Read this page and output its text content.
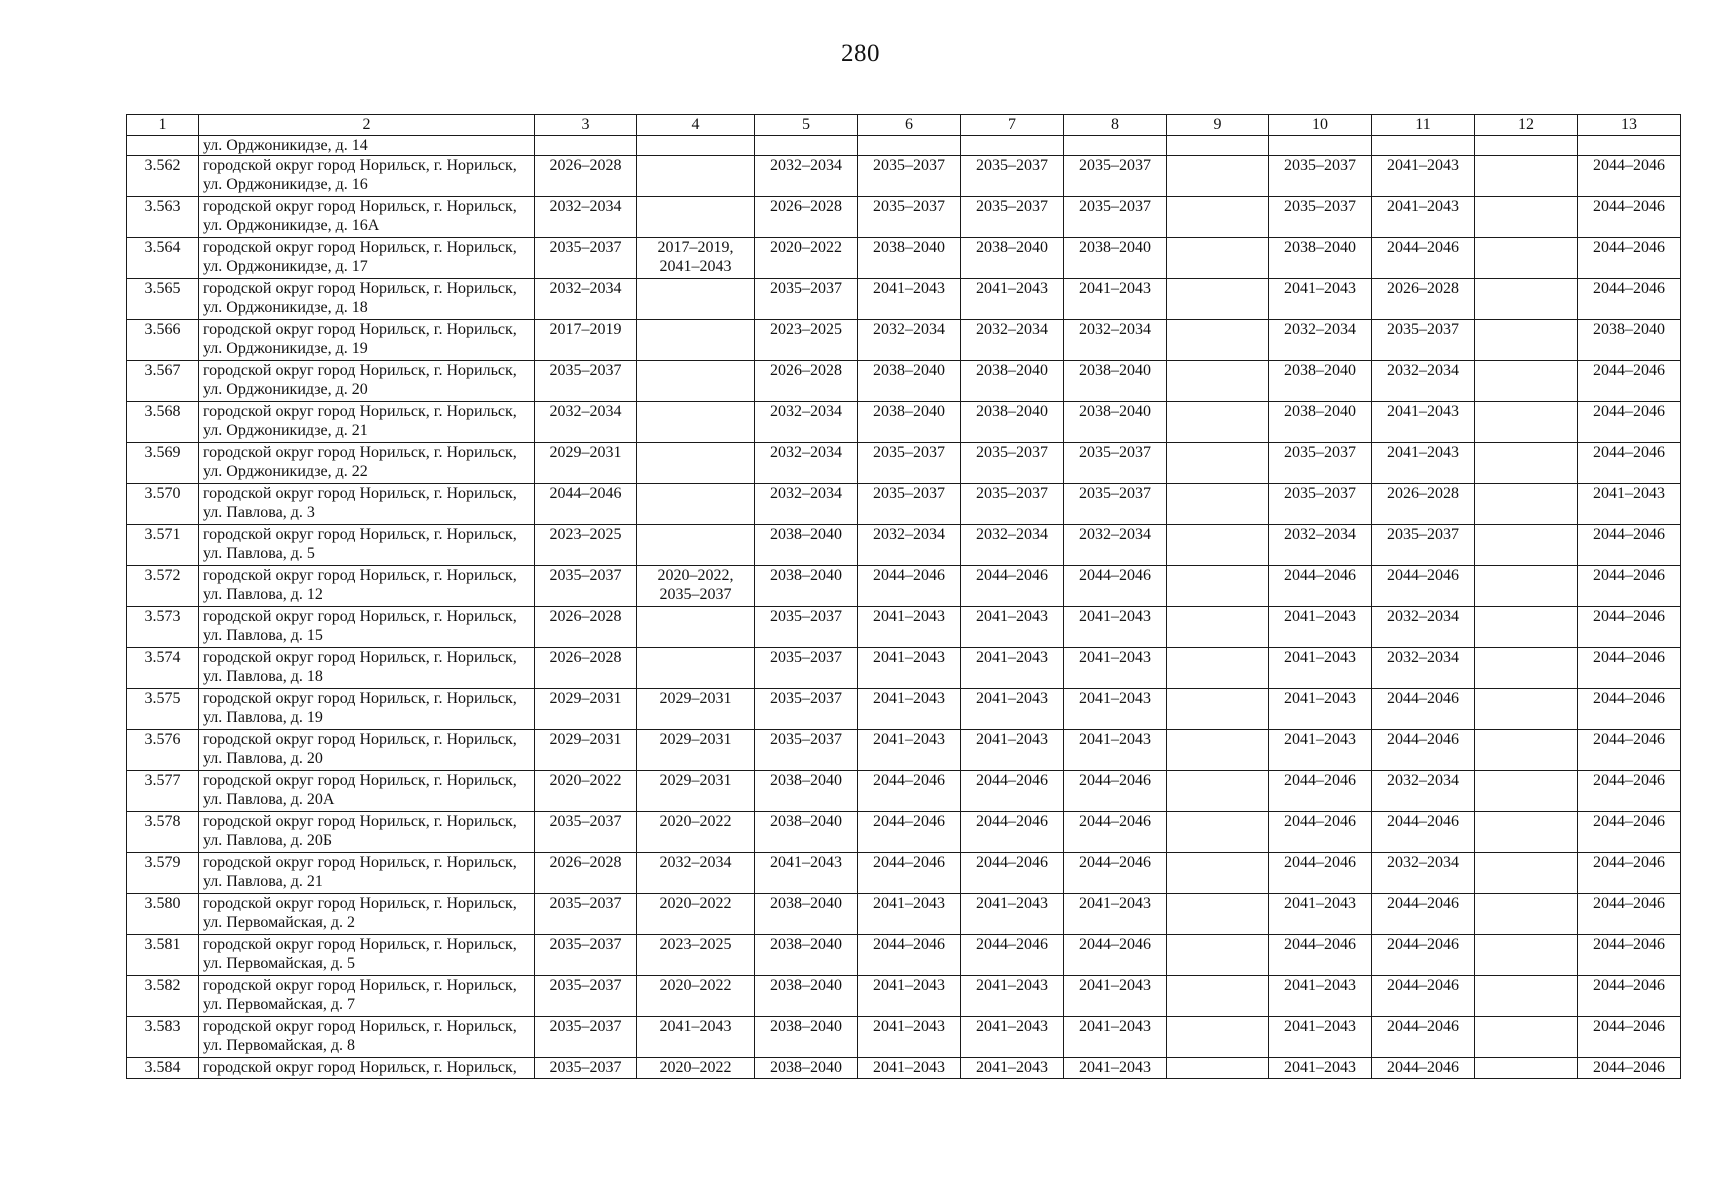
280
1	2	3	4	5	6	7	8	9	10	11	12	13

	ул. Орджоникидзе, д. 14											

3.562	городской округ город Норильск, г. Норильск,
ул. Орджоникидзе, д. 16	2026–2028		2032–2034	2035–2037	2035–2037	2035–2037		2035–2037	2041–2043		2044–2046
3.563	городской округ город Норильск, г. Норильск,
ул. Орджоникидзе, д. 16А	2032–2034		2026–2028	2035–2037	2035–2037	2035–2037		2035–2037	2041–2043		2044–2046
3.564	городской округ город Норильск, г. Норильск,
ул. Орджоникидзе, д. 17	2035–2037	2017–2019,
2041–2043	2020–2022	2038–2040	2038–2040	2038–2040		2038–2040	2044–2046		2044–2046
3.565	городской округ город Норильск, г. Норильск,
ул. Орджоникидзе, д. 18	2032–2034		2035–2037	2041–2043	2041–2043	2041–2043		2041–2043	2026–2028		2044–2046
3.566	городской округ город Норильск, г. Норильск,
ул. Орджоникидзе, д. 19	2017–2019		2023–2025	2032–2034	2032–2034	2032–2034		2032–2034	2035–2037		2038–2040
3.567	городской округ город Норильск, г. Норильск,
ул. Орджоникидзе, д. 20	2035–2037		2026–2028	2038–2040	2038–2040	2038–2040		2038–2040	2032–2034		2044–2046
3.568	городской округ город Норильск, г. Норильск,
ул. Орджоникидзе, д. 21	2032–2034		2032–2034	2038–2040	2038–2040	2038–2040		2038–2040	2041–2043		2044–2046
3.569	городской округ город Норильск, г. Норильск,
ул. Орджоникидзе, д. 22	2029–2031		2032–2034	2035–2037	2035–2037	2035–2037		2035–2037	2041–2043		2044–2046
3.570	городской округ город Норильск, г. Норильск,
ул. Павлова, д. 3	2044–2046		2032–2034	2035–2037	2035–2037	2035–2037		2035–2037	2026–2028		2041–2043
3.571	городской округ город Норильск, г. Норильск,
ул. Павлова, д. 5	2023–2025		2038–2040	2032–2034	2032–2034	2032–2034		2032–2034	2035–2037		2044–2046
3.572	городской округ город Норильск, г. Норильск,
ул. Павлова, д. 12	2035–2037	2020–2022,
2035–2037	2038–2040	2044–2046	2044–2046	2044–2046		2044–2046	2044–2046		2044–2046
3.573	городской округ город Норильск, г. Норильск,
ул. Павлова, д. 15	2026–2028		2035–2037	2041–2043	2041–2043	2041–2043		2041–2043	2032–2034		2044–2046
3.574	городской округ город Норильск, г. Норильск,
ул. Павлова, д. 18	2026–2028		2035–2037	2041–2043	2041–2043	2041–2043		2041–2043	2032–2034		2044–2046
3.575	городской округ город Норильск, г. Норильск,
ул. Павлова, д. 19	2029–2031	2029–2031	2035–2037	2041–2043	2041–2043	2041–2043		2041–2043	2044–2046		2044–2046
3.576	городской округ город Норильск, г. Норильск,
ул. Павлова, д. 20	2029–2031	2029–2031	2035–2037	2041–2043	2041–2043	2041–2043		2041–2043	2044–2046		2044–2046
3.577	городской округ город Норильск, г. Норильск,
ул. Павлова, д. 20А	2020–2022	2029–2031	2038–2040	2044–2046	2044–2046	2044–2046		2044–2046	2032–2034		2044–2046
3.578	городской округ город Норильск, г. Норильск,
ул. Павлова, д. 20Б	2035–2037	2020–2022	2038–2040	2044–2046	2044–2046	2044–2046		2044–2046	2044–2046		2044–2046
3.579	городской округ город Норильск, г. Норильск,
ул. Павлова, д. 21	2026–2028	2032–2034	2041–2043	2044–2046	2044–2046	2044–2046		2044–2046	2032–2034		2044–2046
3.580	городской округ город Норильск, г. Норильск,
ул. Первомайская, д. 2	2035–2037	2020–2022	2038–2040	2041–2043	2041–2043	2041–2043		2041–2043	2044–2046		2044–2046
3.581	городской округ город Норильск, г. Норильск,
ул. Первомайская, д. 5	2035–2037	2023–2025	2038–2040	2044–2046	2044–2046	2044–2046		2044–2046	2044–2046		2044–2046
3.582	городской округ город Норильск, г. Норильск,
ул. Первомайская, д. 7	2035–2037	2020–2022	2038–2040	2041–2043	2041–2043	2041–2043		2041–2043	2044–2046		2044–2046
3.583	городской округ город Норильск, г. Норильск,
ул. Первомайская, д. 8	2035–2037	2041–2043	2038–2040	2041–2043	2041–2043	2041–2043		2041–2043	2044–2046		2044–2046
3.584	городской округ город Норильск, г. Норильск,	2035–2037	2020–2022	2038–2040	2041–2043	2041–2043	2041–2043		2041–2043	2044–2046		2044–2046
